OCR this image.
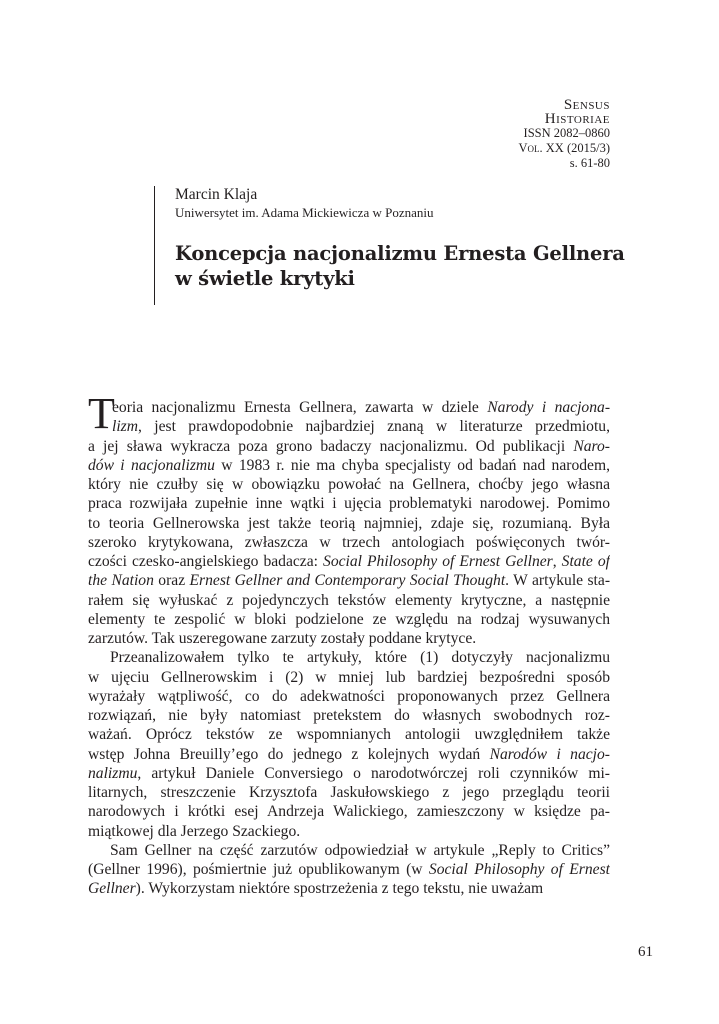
Sensus
Historiae
ISSN 2082–0860
Vol. XX (2015/3)
s. 61-80
Marcin Klaja
Uniwersytet im. Adama Mickiewicza w Poznaniu
Koncepcja nacjonalizmu Ernesta Gellnera
w świetle krytyki
T
eoria nacjonalizmu Ernesta Gellnera, zawarta w dziele Narody i nacjona-
lizm, jest prawdopodobnie najbardziej znaną w literaturze przedmiotu,
a jej sława wykracza poza grono badaczy nacjonalizmu. Od publikacji Naro-
dów i nacjonalizmu w 1983 r. nie ma chyba specjalisty od badań nad narodem,
który nie czułby się w obowiązku powołać na Gellnera, choćby jego własna
praca rozwijała zupełnie inne wątki i ujęcia problematyki narodowej. Pomimo
to teoria Gellnerowska jest także teorią najmniej, zdaje się, rozumianą. Była
szeroko krytykowana, zwłaszcza w trzech antologiach poświęconych twór-
czości czesko-angielskiego badacza: Social Philosophy of Ernest Gellner, State of
the Nation oraz Ernest Gellner and Contemporary Social Thought. W artykule sta-
rałem się wyłuskać z pojedynczych tekstów elementy krytyczne, a następnie
elementy te zespolić w bloki podzielone ze względu na rodzaj wysuwanych
zarzutów. Tak uszeregowane zarzuty zostały poddane krytyce.
Przeanalizowałem tylko te artykuły, które (1) dotyczyły nacjonalizmu
w ujęciu Gellnerowskim i (2) w mniej lub bardziej bezpośredni sposób
wyrażały wątpliwość, co do adekwatności proponowanych przez Gellnera
rozwiązań, nie były natomiast pretekstem do własnych swobodnych roz-
ważań. Oprócz tekstów ze wspomnianych antologii uwzględniłem także
wstęp Johna Breuilly’ego do jednego z kolejnych wydań Narodów i nacjo-
nalizmu, artykuł Daniele Conversiego o narodotwórczej roli czynników mi-
litarnych, streszczenie Krzysztofa Jaskułowskiego z jego przeglądu teorii
narodowych i krótki esej Andrzeja Walickiego, zamieszczony w księdze pa-
miątkowej dla Jerzego Szackiego.
Sam Gellner na część zarzutów odpowiedział w artykule „Reply to Critics”
(Gellner 1996), pośmiertnie już opublikowanym (w Social Philosophy of Ernest
Gellner). Wykorzystam niektóre spostrzeżenia z tego tekstu, nie uważam
61
